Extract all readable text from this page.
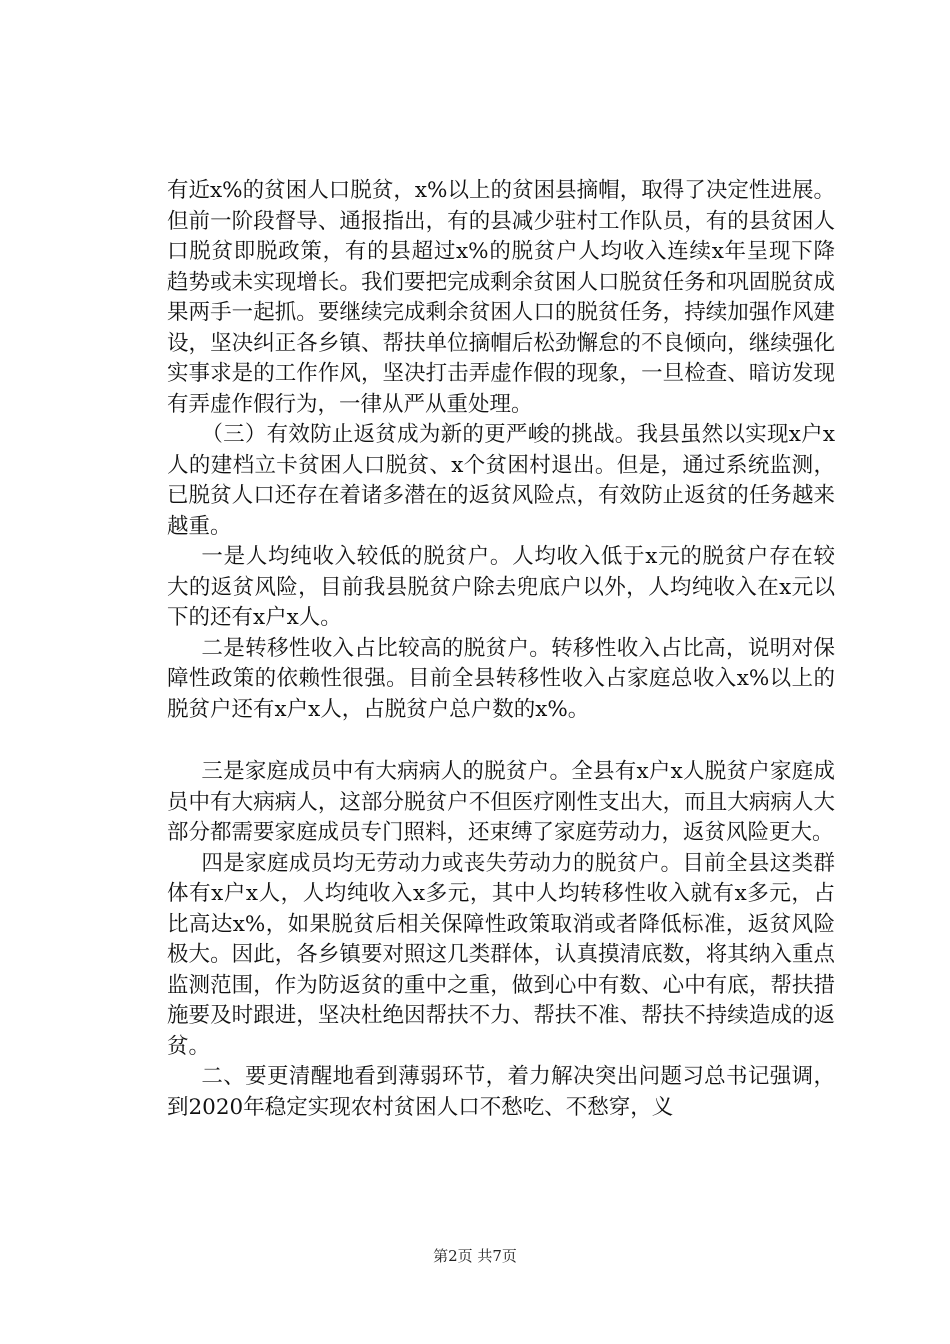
有近x%的贫困人口脱贫，x%以上的贫困县摘帽，取得了决定性进展。但前一阶段督导、通报指出，有的县减少驻村工作队员，有的县贫困人口脱贫即脱政策，有的县超过x%的脱贫户人均收入连续x年呈现下降趋势或未实现增长。我们要把完成剩余贫困人口脱贫任务和巩固脱贫成果两手一起抓。要继续完成剩余贫困人口的脱贫任务，持续加强作风建设，坚决纠正各乡镇、帮扶单位摘帽后松劲懈怠的不良倾向，继续强化实事求是的工作作风，坚决打击弄虚作假的现象，一旦检查、暗访发现有弄虚作假行为，一律从严从重处理。

（三）有效防止返贫成为新的更严峻的挑战。我县虽然以实现x户x人的建档立卡贫困人口脱贫、x个贫困村退出。但是，通过系统监测，已脱贫人口还存在着诸多潜在的返贫风险点，有效防止返贫的任务越来越重。

一是人均纯收入较低的脱贫户。人均收入低于x元的脱贫户存在较大的返贫风险，目前我县脱贫户除去兜底户以外，人均纯收入在x元以下的还有x户x人。

二是转移性收入占比较高的脱贫户。转移性收入占比高，说明对保障性政策的依赖性很强。目前全县转移性收入占家庭总收入x%以上的脱贫户还有x户x人，占脱贫户总户数的x%。

三是家庭成员中有大病病人的脱贫户。全县有x户x人脱贫户家庭成员中有大病病人，这部分脱贫户不但医疗刚性支出大，而且大病病人大部分都需要家庭成员专门照料，还束缚了家庭劳动力，返贫风险更大。

四是家庭成员均无劳动力或丧失劳动力的脱贫户。目前全县这类群体有x户x人，人均纯收入x多元，其中人均转移性收入就有x多元，占比高达x%，如果脱贫后相关保障性政策取消或者降低标准，返贫风险极大。因此，各乡镇要对照这几类群体，认真摸清底数，将其纳入重点监测范围，作为防返贫的重中之重，做到心中有数、心中有底，帮扶措施要及时跟进，坚决杜绝因帮扶不力、帮扶不准、帮扶不持续造成的返贫。

二、要更清醒地看到薄弱环节，着力解决突出问题习总书记强调，到2020年稳定实现农村贫困人口不愁吃、不愁穿，义

第2页 共7页
